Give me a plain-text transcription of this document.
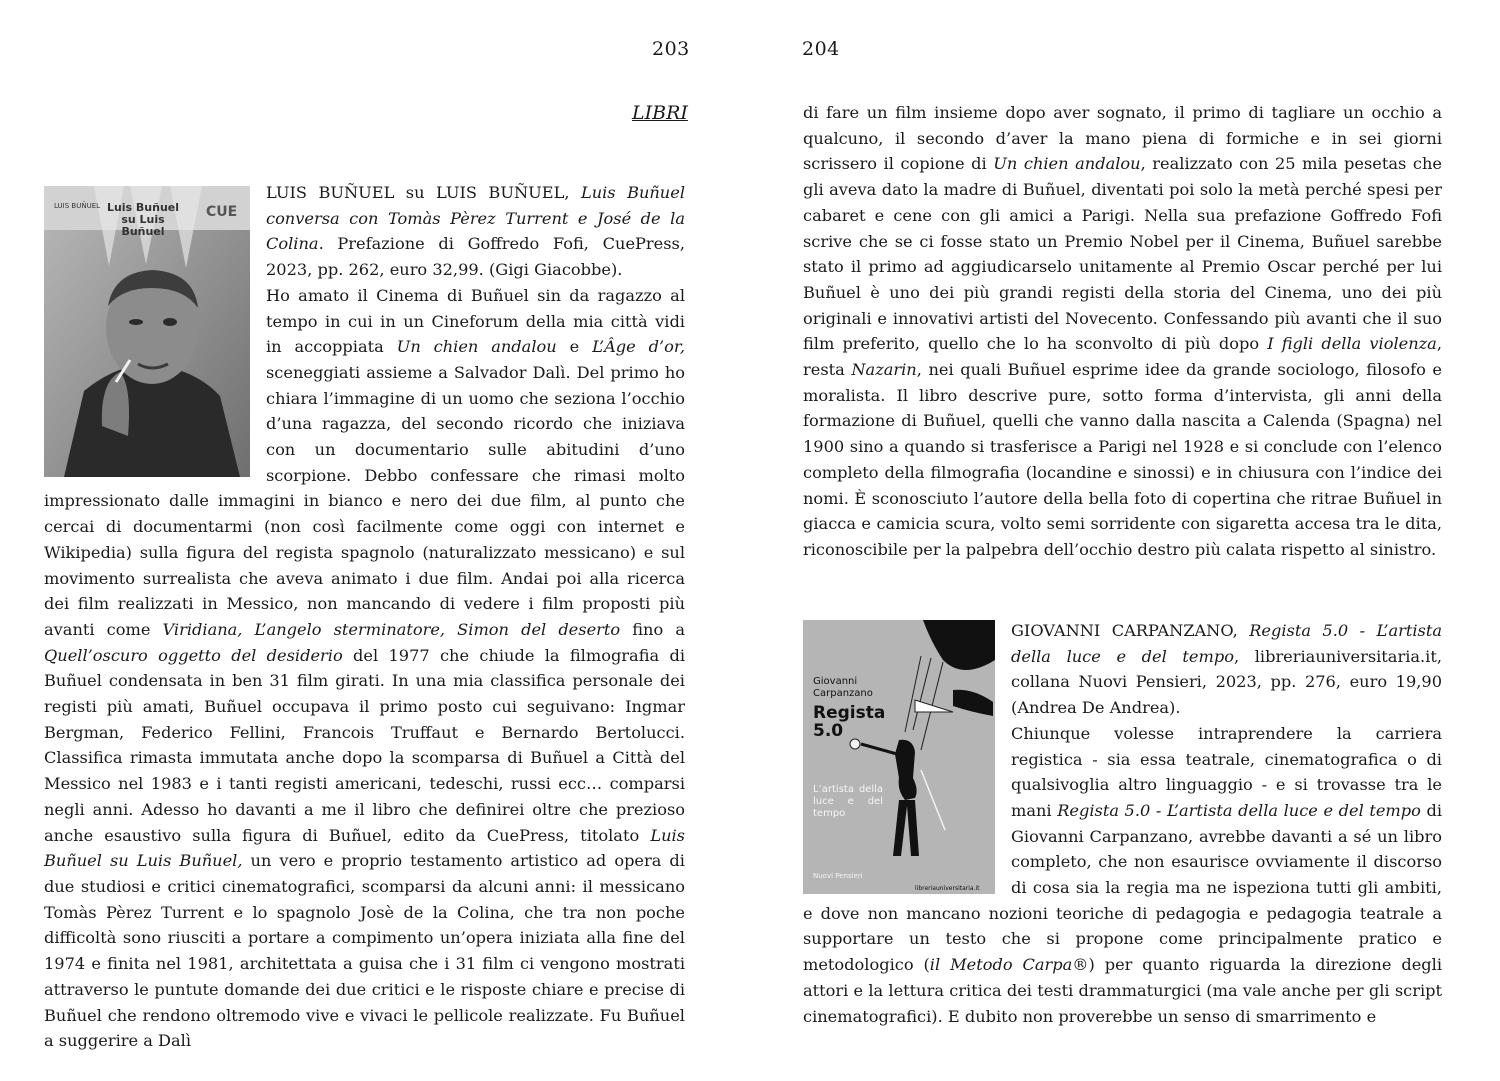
203
LIBRI
LUIS BUÑUEL Luis Buñuel su Luis Buñuel
CUE

LUIS BUÑUEL su LUIS BUÑUEL, Luis Buñuel conversa con Tomàs Pèrez Turrent e José de la Colina. Prefazione di Goffredo Fofi, CuePress, 2023, pp. 262, euro 32,99. (Gigi Giacobbe).
Ho amato il Cinema di Buñuel sin da ragazzo al tempo in cui in un Cineforum della mia città vidi in accoppiata Un chien andalou e L’Âge d’or, sceneggiati assieme a Salvador Dalì. Del primo ho chiara l’immagine di un uomo che seziona l’occhio d’una ragazza, del secondo ricordo che iniziava con un documentario sulle abitudini d’uno scorpione. Debbo confessare che rimasi molto impressionato dalle immagini in bianco e nero dei due film, al punto che cercai di documentarmi (non così facilmente come oggi con internet e Wikipedia) sulla figura del regista spagnolo (naturalizzato messicano) e sul movimento surrealista che aveva animato i due film. Andai poi alla ricerca dei film realizzati in Messico, non mancando di vedere i film proposti più avanti come Viridiana, L’angelo sterminatore, Simon del deserto fino a Quell’oscuro oggetto del desiderio del 1977 che chiude la filmografia di Buñuel condensata in ben 31 film girati. In una mia classifica personale dei registi più amati, Buñuel occupava il primo posto cui seguivano: Ingmar Bergman, Federico Fellini, Francois Truffaut e Bernardo Bertolucci. Classifica rimasta immutata anche dopo la scomparsa di Buñuel a Città del Messico nel 1983 e i tanti registi americani, tedeschi, russi ecc… comparsi negli anni. Adesso ho davanti a me il libro che definirei oltre che prezioso anche esaustivo sulla figura di Buñuel, edito da CuePress, titolato Luis Buñuel su Luis Buñuel, un vero e proprio testamento artistico ad opera di due studiosi e critici cinematografici, scomparsi da alcuni anni: il messicano Tomàs Pèrez Turrent e lo spagnolo Josè de la Colina, che tra non poche difficoltà sono riusciti a portare a compimento un’opera iniziata alla fine del 1974 e finita nel 1981, architettata a guisa che i 31 film ci vengono mostrati attraverso le puntute domande dei due critici e le risposte chiare e precise di Buñuel che rendono oltremodo vive e vivaci le pellicole realizzate. Fu Buñuel a suggerire a Dalì

204

di fare un film insieme dopo aver sognato, il primo di tagliare un occhio a qualcuno, il secondo d’aver la mano piena di formiche e in sei giorni scrissero il copione di Un chien andalou, realizzato con 25 mila pesetas che gli aveva dato la madre di Buñuel, diventati poi solo la metà perché spesi per cabaret e cene con gli amici a Parigi. Nella sua prefazione Goffredo Fofi scrive che se ci fosse stato un Premio Nobel per il Cinema, Buñuel sarebbe stato il primo ad aggiudicarselo unitamente al Premio Oscar perché per lui Buñuel è uno dei più grandi registi della storia del Cinema, uno dei più originali e innovativi artisti del Novecento. Confessando più avanti che il suo film preferito, quello che lo ha sconvolto di più dopo I figli della violenza, resta Nazarin, nei quali Buñuel esprime idee da grande sociologo, filosofo e moralista. Il libro descrive pure, sotto forma d’intervista, gli anni della formazione di Buñuel, quelli che vanno dalla nascita a Calenda (Spagna) nel 1900 sino a quando si trasferisce a Parigi nel 1928 e si conclude con l’elenco completo della filmografia (locandine e sinossi) e in chiusura con l’indice dei nomi. È sconosciuto l’autore della bella foto di copertina che ritrae Buñuel in giacca e camicia scura, volto semi sorridente con sigaretta accesa tra le dita, riconoscibile per la palpebra dell’occhio destro più calata rispetto al sinistro.

Giovanni Carpanzano
Regista 5.0
L’artista della luce e del tempo
Nuovi Pensieri
libreriauniversitaria.it

GIOVANNI CARPANZANO, Regista 5.0 - L’artista della luce e del tempo, libreriauniversitaria.it, collana Nuovi Pensieri, 2023, pp. 276, euro 19,90 (Andrea De Andrea).
Chiunque volesse intraprendere la carriera registica - sia essa teatrale, cinematografica o di qualsivoglia altro linguaggio - e si trovasse tra le mani Regista 5.0 - L’artista della luce e del tempo di Giovanni Carpanzano, avrebbe davanti a sé un libro completo, che non esaurisce ovviamente il discorso di cosa sia la regia ma ne ispeziona tutti gli ambiti, e dove non mancano nozioni teoriche di pedagogia e pedagogia teatrale a supportare un testo che si propone come principalmente pratico e metodologico (il Metodo Carpa®) per quanto riguarda la direzione degli attori e la lettura critica dei testi drammaturgici (ma vale anche per gli script cinematografici). E dubito non proverebbe un senso di smarrimento e
